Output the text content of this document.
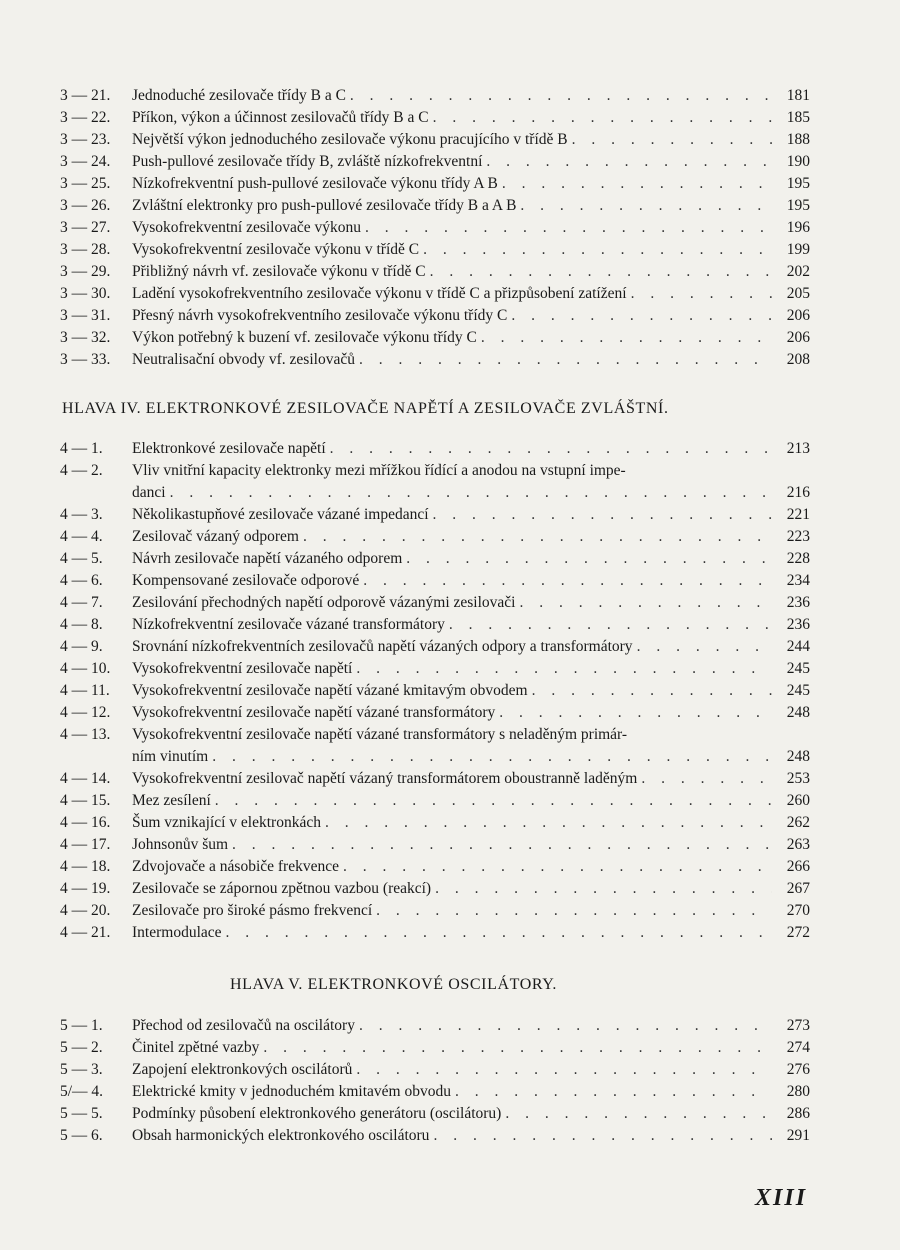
3 — 21.	Jednoduché zesilovače třídy B a C . . .	181
3 — 22.	Příkon, výkon a účinnost zesilovačů třídy B a C . . .	185
3 — 23.	Největší výkon jednoduchého zesilovače výkonu pracujícího v třídě B . . .	188
3 — 24.	Push-pullové zesilovače třídy B, zvláště nízkofrekventní . . .	190
3 — 25.	Nízkofrekventní push-pullové zesilovače výkonu třídy A B . . .	195
3 — 26.	Zvláštní elektronky pro push-pullové zesilovače třídy B a A B . . .	195
3 — 27.	Vysokofrekventní zesilovače výkonu . . .	196
3 — 28.	Vysokofrekventní zesilovače výkonu v třídě C . . .	199
3 — 29.	Přibližný návrh vf. zesilovače výkonu v třídě C . . .	202
3 — 30.	Ladění vysokofrekventního zesilovače výkonu v třídě C a přizpůsobení zatížení . . .	205
3 — 31.	Přesný návrh vysokofrekventního zesilovače výkonu třídy C . . .	206
3 — 32.	Výkon potřebný k buzení vf. zesilovače výkonu třídy C . . .	206
3 — 33.	Neutralisační obvody vf. zesilovačů . . .	208
HLAVA IV. ELEKTRONKOVÉ ZESILOVAČE NAPĚTÍ A ZESILOVAČE ZVLÁŠTNÍ.
4 — 1.	Elektronkové zesilovače napětí . . .	213
4 — 2.	Vliv vnitřní kapacity elektronky mezi mřížkou řídící a anodou na vstupní impe-
danci . . .	216
4 — 3.	Několikastupňové zesilovače vázané impedancí . . .	221
4 — 4.	Zesilovač vázaný odporem . . .	223
4 — 5.	Návrh zesilovače napětí vázaného odporem . . .	228
4 — 6.	Kompensované zesilovače odporové . . .	234
4 — 7.	Zesilování přechodných napětí odporově vázanými zesilovači . . .	236
4 — 8.	Nízkofrekventní zesilovače vázané transformátory . . .	236
4 — 9.	Srovnání nízkofrekventních zesilovačů napětí vázaných odpory a transformátory . . .	244
4 — 10.	Vysokofrekventní zesilovače napětí . . .	245
4 — 11.	Vysokofrekventní zesilovače napětí vázané kmitavým obvodem . . .	245
4 — 12.	Vysokofrekventní zesilovače napětí vázané transformátory . . .	248
4 — 13.	Vysokofrekventní zesilovače napětí vázané transformátory s neladěným primár-
ním vinutím . . .	248
4 — 14.	Vysokofrekventní zesilovač napětí vázaný transformátorem oboustranně laděným . . .	253
4 — 15.	Mez zesílení . . .	260
4 — 16.	Šum vznikající v elektronkách . . .	262
4 — 17.	Johnsonův šum . . .	263
4 — 18.	Zdvojovače a násobiče frekvence . . .	266
4 — 19.	Zesilovače se zápornou zpětnou vazbou (reakcí) . . .	267
4 — 20.	Zesilovače pro široké pásmo frekvencí . . .	270
4 — 21.	Intermodulace . . .	272
HLAVA V. ELEKTRONKOVÉ OSCILÁTORY.
5 — 1.	Přechod od zesilovačů na oscilátory . . .	273
5 — 2.	Činitel zpětné vazby . . .	274
5 — 3.	Zapojení elektronkových oscilátorů . . .	276
5/— 4.	Elektrické kmity v jednoduchém kmitavém obvodu . . .	280
5 — 5.	Podmínky působení elektronkového generátoru (oscilátoru) . . .	286
5 — 6.	Obsah harmonických elektronkového oscilátoru . . .	291
XIII
